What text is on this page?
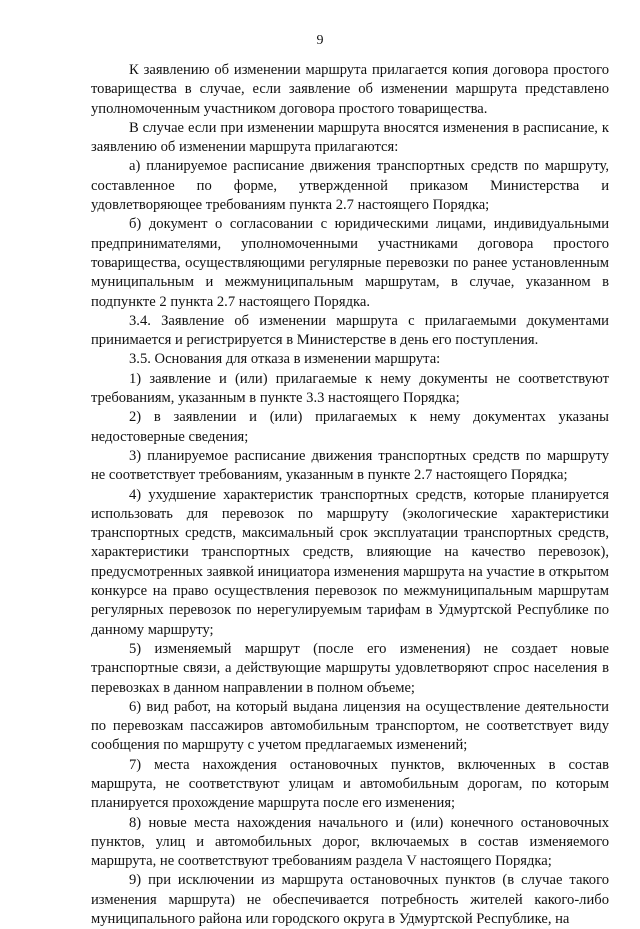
9

К заявлению об изменении маршрута прилагается копия договора простого товарищества в случае, если заявление об изменении маршрута представлено уполномоченным участником договора простого товарищества.

В случае если при изменении маршрута вносятся изменения в расписание, к заявлению об изменении маршрута прилагаются:

а) планируемое расписание движения транспортных средств по маршруту, составленное по форме, утвержденной приказом Министерства и удовлетворяющее требованиям пункта 2.7 настоящего Порядка;

б) документ о согласовании с юридическими лицами, индивидуальными предпринимателями, уполномоченными участниками договора простого товарищества, осуществляющими регулярные перевозки по ранее установленным муниципальным и межмуниципальным маршрутам, в случае, указанном в подпункте 2 пункта 2.7 настоящего Порядка.

3.4. Заявление об изменении маршрута с прилагаемыми документами принимается и регистрируется в Министерстве в день его поступления.

3.5. Основания для отказа в изменении маршрута:

1) заявление и (или) прилагаемые к нему документы не соответствуют требованиям, указанным в пункте 3.3 настоящего Порядка;

2) в заявлении и (или) прилагаемых к нему документах указаны недостоверные сведения;

3) планируемое расписание движения транспортных средств по маршруту не соответствует требованиям, указанным в пункте 2.7 настоящего Порядка;

4) ухудшение характеристик транспортных средств, которые планируется использовать для перевозок по маршруту (экологические характеристики транспортных средств, максимальный срок эксплуатации транспортных средств, характеристики транспортных средств, влияющие на качество перевозок), предусмотренных заявкой инициатора изменения маршрута на участие в открытом конкурсе на право осуществления перевозок по межмуниципальным маршрутам регулярных перевозок по нерегулируемым тарифам в Удмуртской Республике по данному маршруту;

5) изменяемый маршрут (после его изменения) не создает новые транспортные связи, а действующие маршруты удовлетворяют спрос населения в перевозках в данном направлении в полном объеме;

6) вид работ, на который выдана лицензия на осуществление деятельности по перевозкам пассажиров автомобильным транспортом, не соответствует виду сообщения по маршруту с учетом предлагаемых изменений;

7) места нахождения остановочных пунктов, включенных в состав маршрута, не соответствуют улицам и автомобильным дорогам, по которым планируется прохождение маршрута после его изменения;

8) новые места нахождения начального и (или) конечного остановочных пунктов, улиц и автомобильных дорог, включаемых в состав изменяемого маршрута, не соответствуют требованиям раздела V настоящего Порядка;

9) при исключении из маршрута остановочных пунктов (в случае такого изменения маршрута) не обеспечивается потребность жителей какого-либо муниципального района или городского округа в Удмуртской Республике, на
